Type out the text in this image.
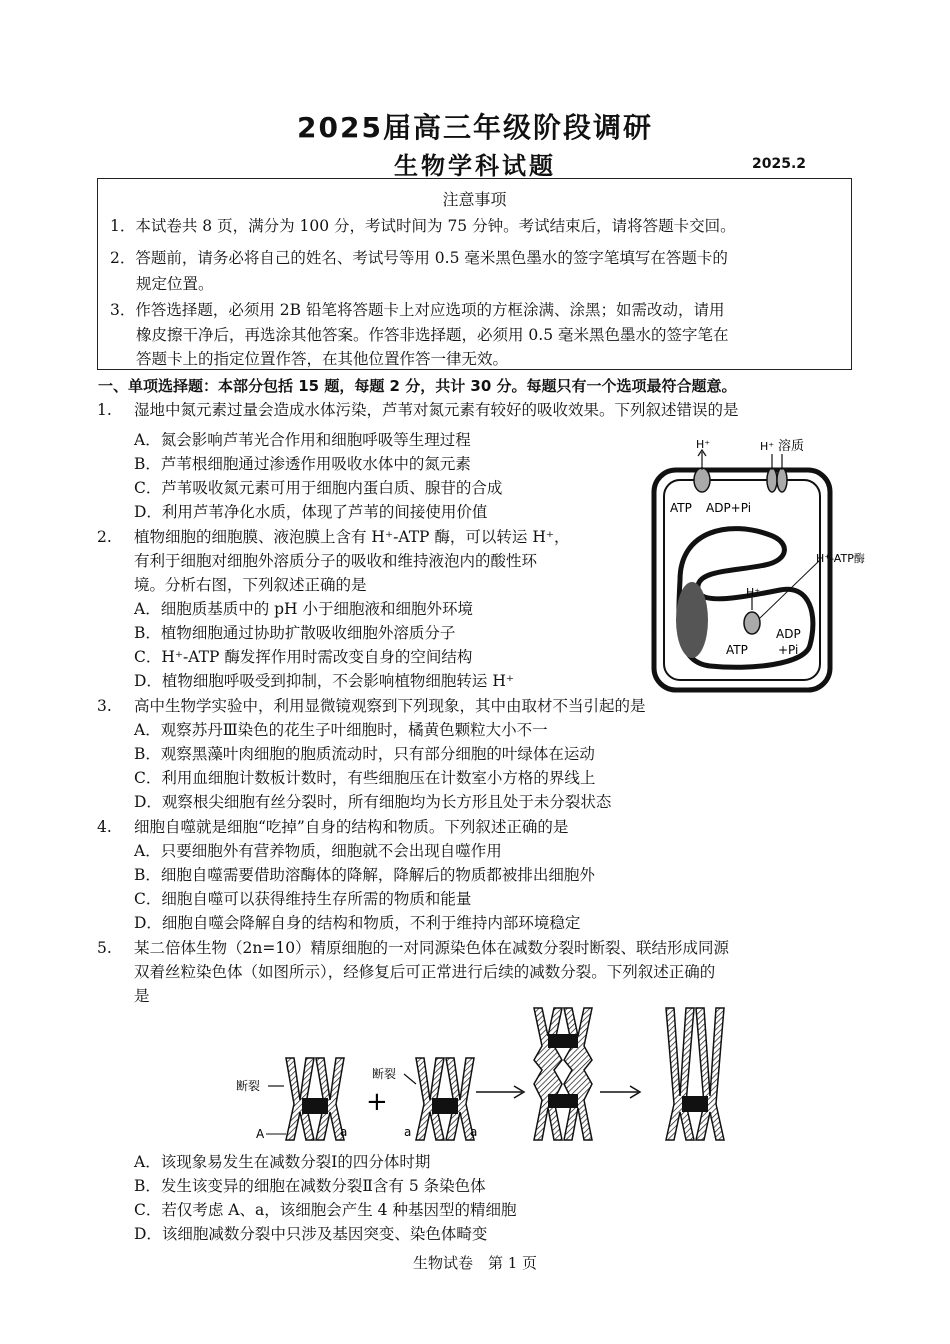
2025届高三年级阶段调研
生物学科试题	2025.2
注意事项
1．本试卷共 8 页，满分为 100 分，考试时间为 75 分钟。考试结束后，请将答题卡交回。
2．答题前，请务必将自己的姓名、考试号等用 0.5 毫米黑色墨水的签字笔填写在答题卡的
规定位置。
3．作答选择题，必须用 2B 铅笔将答题卡上对应选项的方框涂满、涂黑；如需改动，请用
橡皮擦干净后，再选涂其他答案。作答非选择题，必须用 0.5 毫米黑色墨水的签字笔在
答题卡上的指定位置作答，在其他位置作答一律无效。
一、单项选择题：本部分包括 15 题，每题 2 分，共计 30 分。每题只有一个选项最符合题意。
1. 湿地中氮元素过量会造成水体污染，芦苇对氮元素有较好的吸收效果。下列叙述错误的是
A．氮会影响芦苇光合作用和细胞呼吸等生理过程
B．芦苇根细胞通过渗透作用吸收水体中的氮元素
C．芦苇吸收氮元素可用于细胞内蛋白质、腺苷的合成
D．利用芦苇净化水质，体现了芦苇的间接使用价值
2. 植物细胞的细胞膜、液泡膜上含有 H⁺-ATP 酶，可以转运 H⁺，
有利于细胞对细胞外溶质分子的吸收和维持液泡内的酸性环
境。分析右图，下列叙述正确的是
A．细胞质基质中的 pH 小于细胞液和细胞外环境
B．植物细胞通过协助扩散吸收细胞外溶质分子
C．H⁺-ATP 酶发挥作用时需改变自身的空间结构
D．植物细胞呼吸受到抑制，不会影响植物细胞转运 H⁺
3. 高中生物学实验中，利用显微镜观察到下列现象，其中由取材不当引起的是
A．观察苏丹Ⅲ染色的花生子叶细胞时，橘黄色颗粒大小不一
B．观察黑藻叶肉细胞的胞质流动时，只有部分细胞的叶绿体在运动
C．利用血细胞计数板计数时，有些细胞压在计数室小方格的界线上
D．观察根尖细胞有丝分裂时，所有细胞均为长方形且处于未分裂状态
4. 细胞自噬就是细胞“吃掉”自身的结构和物质。下列叙述正确的是
A．只要细胞外有营养物质，细胞就不会出现自噬作用
B．细胞自噬需要借助溶酶体的降解，降解后的物质都被排出细胞外
C．细胞自噬可以获得维持生存所需的物质和能量
D．细胞自噬会降解自身的结构和物质，不利于维持内部环境稳定
5. 某二倍体生物（2n=10）精原细胞的一对同源染色体在减数分裂时断裂、联结形成同源
双着丝粒染色体（如图所示），经修复后可正常进行后续的减数分裂。下列叙述正确的
是
A．该现象易发生在减数分裂Ⅰ的四分体时期
B．发生该变异的细胞在减数分裂Ⅱ含有 5 条染色体
C．若仅考虑 A、a，该细胞会产生 4 种基因型的精细胞
D．该细胞减数分裂中只涉及基因突变、染色体畸变
H⁺	H⁺ 溶质
ATP ADP+Pi
H⁺-ATP酶
H⁺
ATP
ADP
+Pi
断裂
A	a
+
断裂
a	a
生物试卷　第 1 页
